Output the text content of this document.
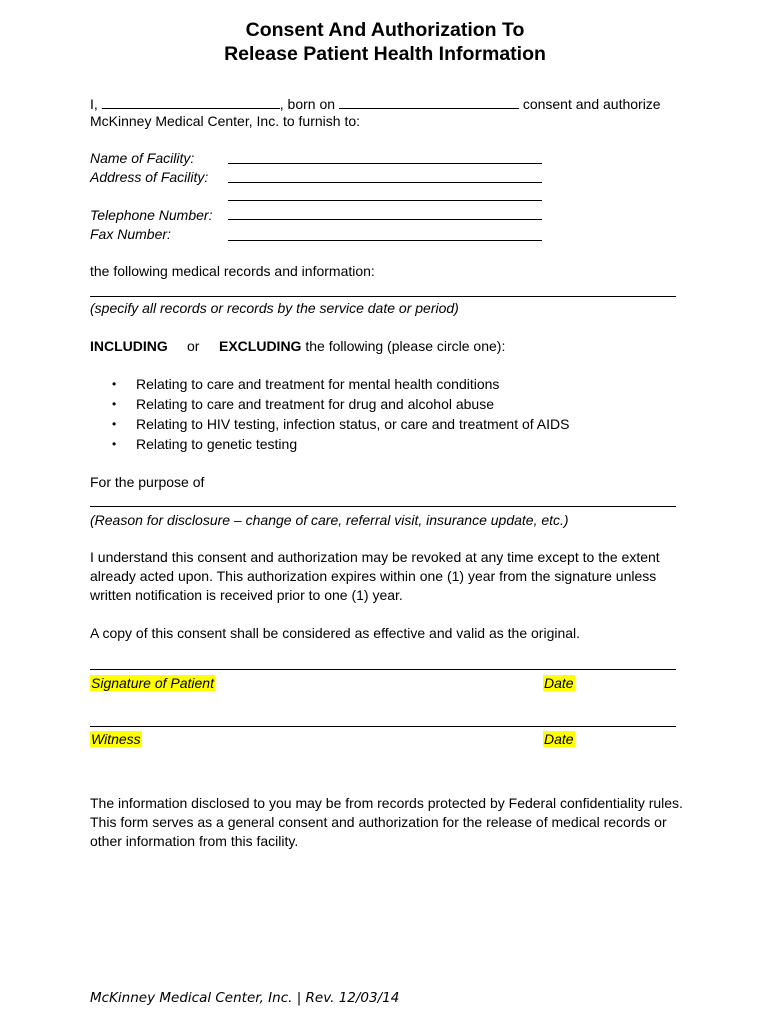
Consent And Authorization To
Release Patient Health Information
I,	, born on	consent and authorize
McKinney Medical Center, Inc. to furnish to:
Name of Facility:
Address of Facility:
Telephone Number:
Fax Number:
the following medical records and information:
(specify all records or records by the service date or period)
INCLUDING or EXCLUDING the following (please circle one):
• Relating to care and treatment for mental health conditions
• Relating to care and treatment for drug and alcohol abuse
• Relating to HIV testing, infection status, or care and treatment of AIDS
• Relating to genetic testing
For the purpose of
(Reason for disclosure – change of care, referral visit, insurance update, etc.)
I understand this consent and authorization may be revoked at any time except to the extent
already acted upon. This authorization expires within one (1) year from the signature unless
written notification is received prior to one (1) year.
A copy of this consent shall be considered as effective and valid as the original.
Signature of Patient	Date
Witness	Date
The information disclosed to you may be from records protected by Federal confidentiality rules.
This form serves as a general consent and authorization for the release of medical records or
other information from this facility.
McKinney Medical Center, Inc. | Rev. 12/03/14
